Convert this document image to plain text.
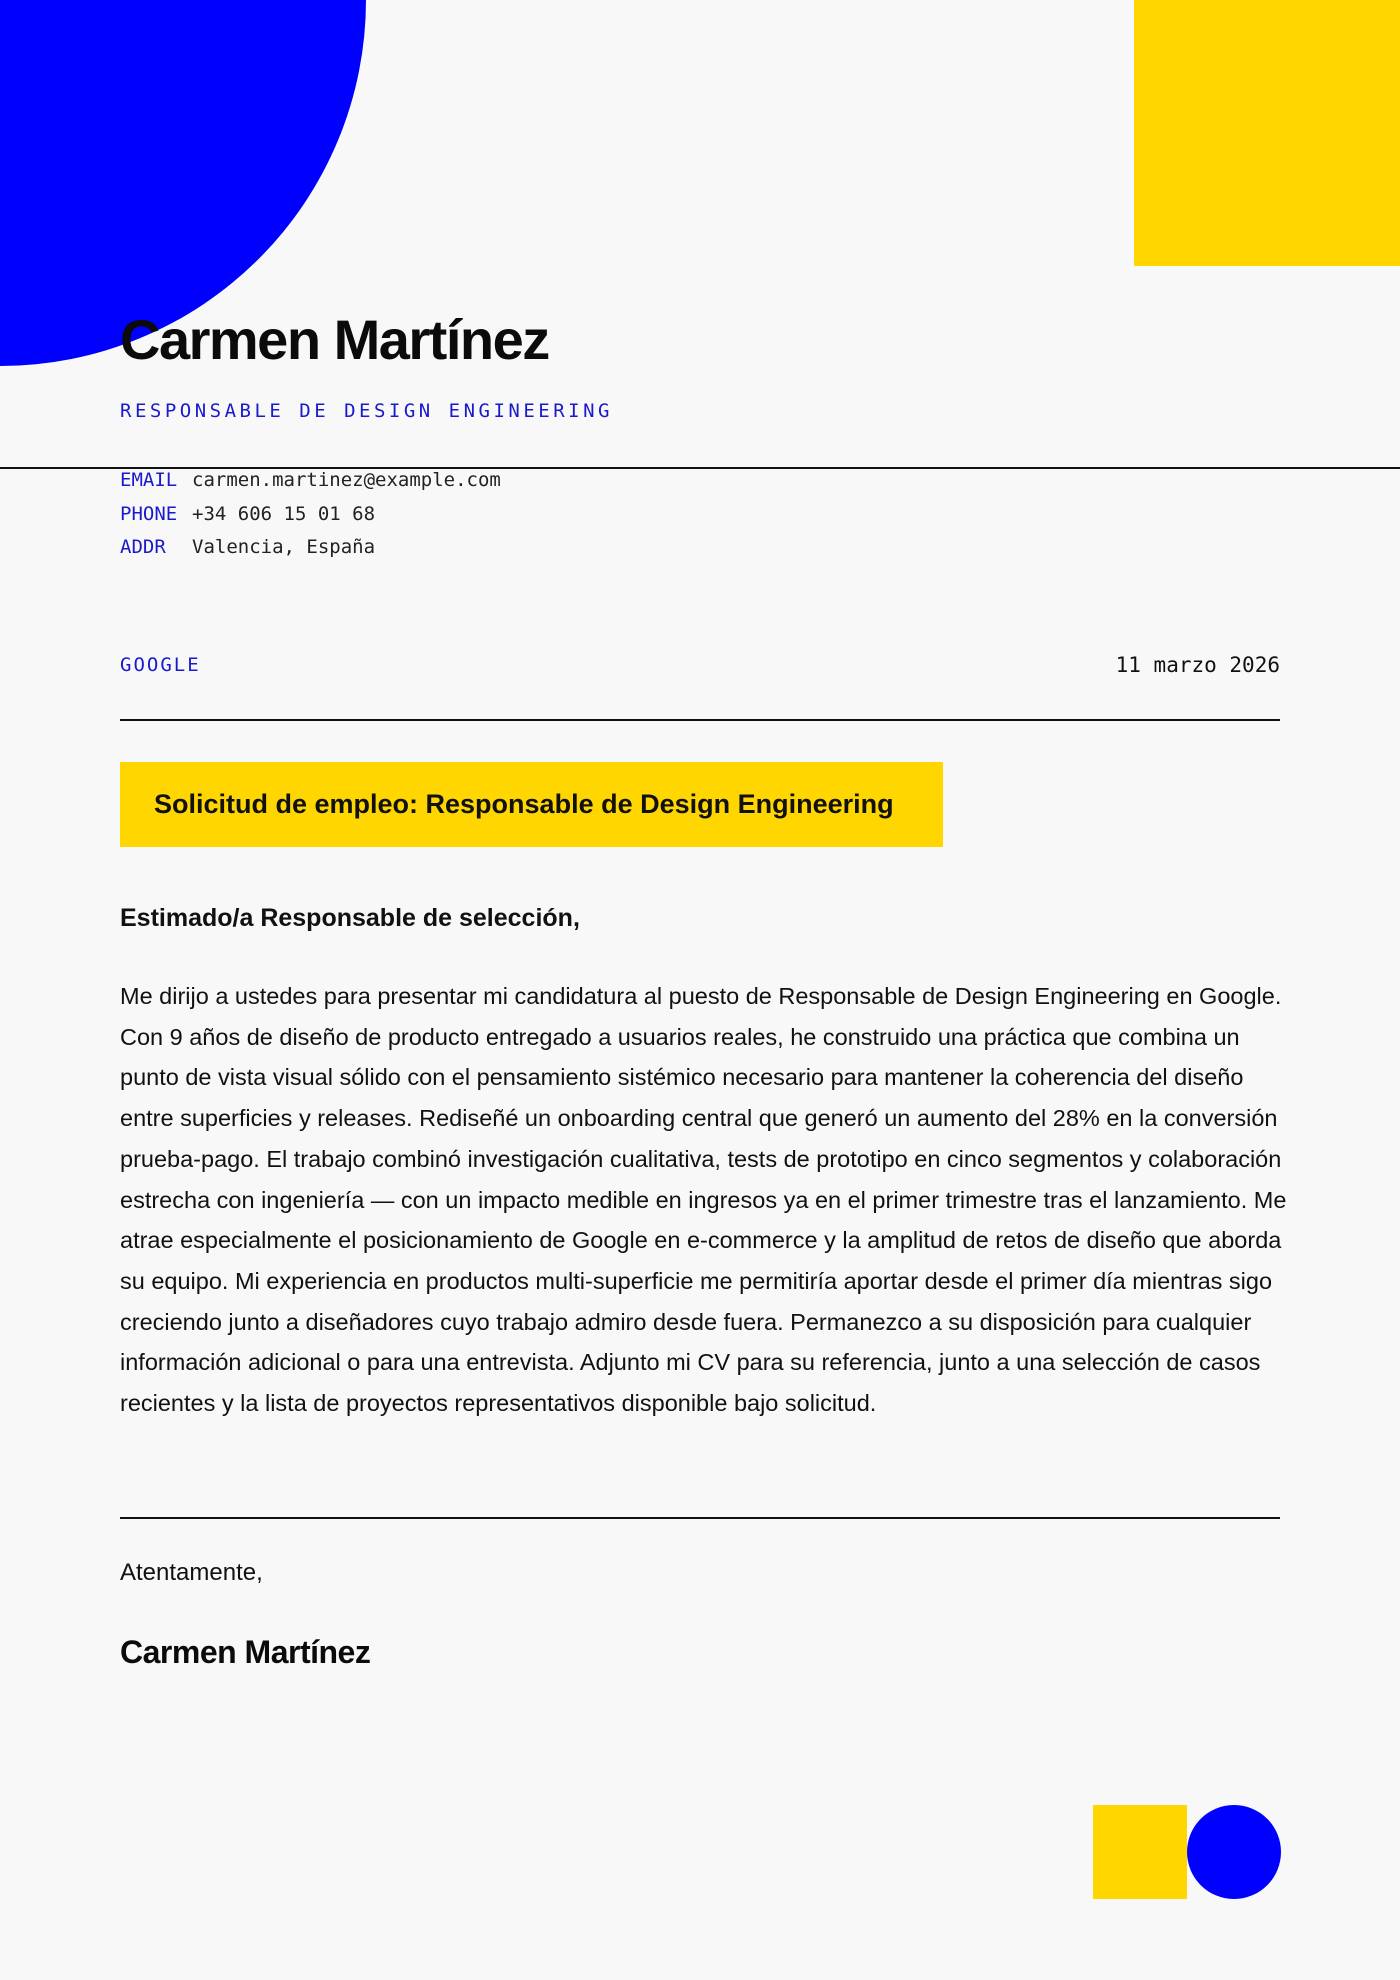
Carmen Martínez
RESPONSABLE DE DESIGN ENGINEERING
EMAIL carmen.martinez@example.com
PHONE +34 606 15 01 68
ADDR	Valencia, España
GOOGLE	11 marzo 2026
Solicitud de empleo: Responsable de Design Engineering
Estimado/a Responsable de selección,

Me dirijo a ustedes para presentar mi candidatura al puesto de Responsable de Design Engineering en Google. Con 9 años de diseño de producto entregado a usuarios reales, he construido una práctica que combina un punto de vista visual sólido con el pensamiento sistémico necesario para mantener la coherencia del diseño entre superficies y releases. Rediseñé un onboarding central que generó un aumento del 28% en la conversión prueba-pago. El trabajo combinó investigación cualitativa, tests de prototipo en cinco segmentos y colaboración estrecha con ingeniería — con un impacto medible en ingresos ya en el primer trimestre tras el lanzamiento. Me atrae especialmente el posicionamiento de Google en e-commerce y la amplitud de retos de diseño que aborda su equipo. Mi experiencia en productos multi-superficie me permitiría aportar desde el primer día mientras sigo creciendo junto a diseñadores cuyo trabajo admiro desde fuera. Permanezco a su disposición para cualquier información adicional o para una entrevista. Adjunto mi CV para su referencia, junto a una selección de casos recientes y la lista de proyectos representativos disponible bajo solicitud.

Atentamente,
Carmen Martínez
